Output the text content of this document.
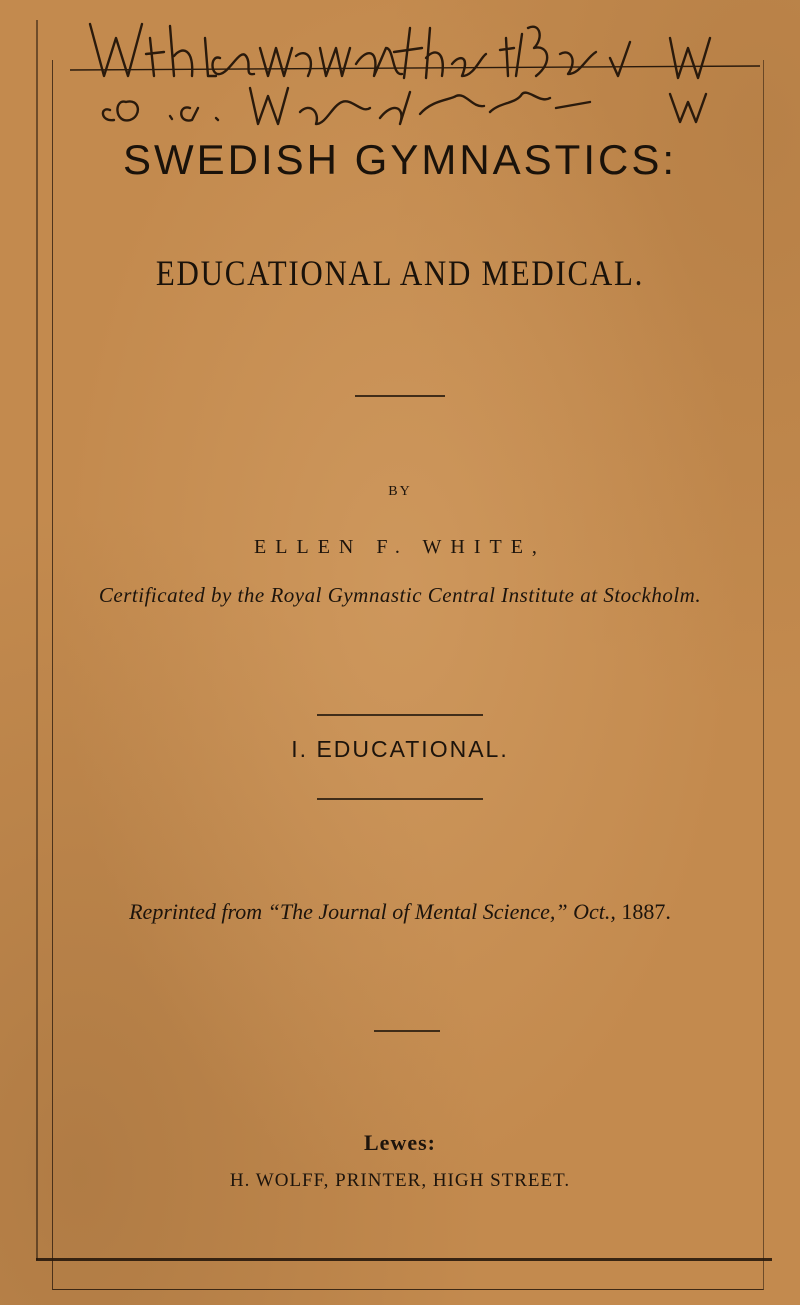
SWEDISH GYMNASTICS:
EDUCATIONAL AND MEDICAL.
BY
ELLEN F. WHITE,
Certificated by the Royal Gymnastic Central Institute at Stockholm.
I. EDUCATIONAL.
Reprinted from “The Journal of Mental Science,” Oct., 1887.
Lewes:
H. WOLFF, PRINTER, HIGH STREET.
